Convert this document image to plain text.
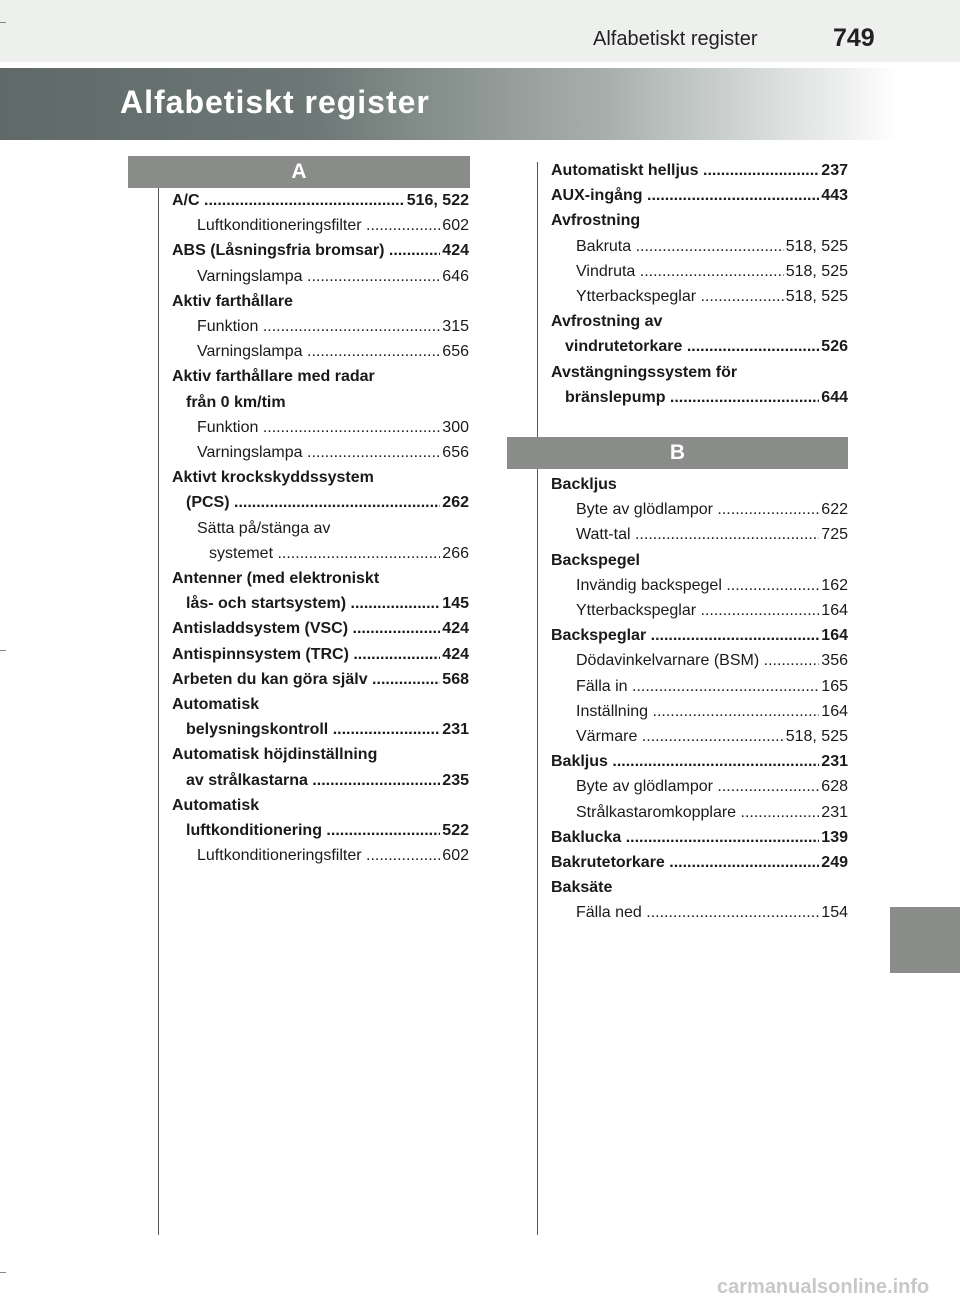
Alfabetiskt register	749
Alfabetiskt register
A
B
516, 522
A/C .....
602
Luftkonditioneringsfilter .....
424
ABS (Låsningsfria bromsar) .....
646
Varningslampa .....
Aktiv farthållare
315
Funktion .....
656
Varningslampa .....
Aktiv farthållare med radar
från 0 km/tim
300
Funktion .....
656
Varningslampa .....
Aktivt krockskyddssystem
262
(PCS) .....
Sätta på/stänga av
266
systemet .....
Antenner (med elektroniskt
145
lås- och startsystem) .....
424
Antisladdsystem (VSC) .....
424
Antispinnsystem (TRC) .....
568
Arbeten du kan göra själv .....
Automatisk
231
belysningskontroll .....
Automatisk höjdinställning
235
av strålkastarna .....
Automatisk
522
luftkonditionering .....
602
Luftkonditioneringsfilter .....
237
Automatiskt helljus .....
443
AUX-ingång .....
Avfrostning
518, 525
Bakruta .....
518, 525
Vindruta .....
518, 525
Ytterbackspeglar .....
Avfrostning av
526
vindrutetorkare .....
Avstängningssystem för
644
bränslepump .....
Backljus
622
Byte av glödlampor .....
725
Watt-tal .....
Backspegel
162
Invändig backspegel .....
164
Ytterbackspeglar .....
164
Backspeglar .....
356
Dödavinkelvarnare (BSM) .....
165
Fälla in .....
164
Inställning .....
518, 525
Värmare .....
231
Bakljus .....
628
Byte av glödlampor .....
231
Strålkastaromkopplare .....
139
Baklucka .....
249
Bakrutetorkare .....
Baksäte
154
Fälla ned .....
carmanualsonline.info
